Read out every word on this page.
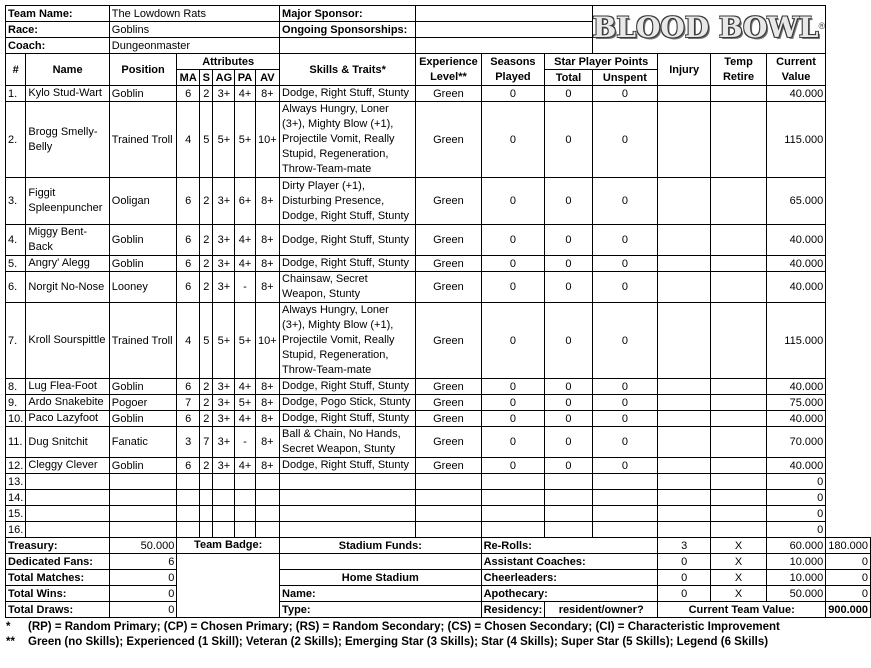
Team Name:		The Lowdown Rats						Major Sponsor:				BLOOD BOWL®
Race:		Goblins						Ongoing Sponsorships:								
Coach:		Dungeonmaster														
#	Name	Position	Attributes					Skills & Traits*	Experience Level**	Seasons Played	Star Player Points		Injury	Temp Retire	Current Value	
			MA	S	AG	PA	AV				Total	Unspent				
1.	Kylo Stud-Wart	Goblin	6	2	3+	4+	8+	Dodge, Right Stuff, Stunty	Green	0	0	0			40.000	
2.	Brogg Smelly-Belly	Trained Troll	4	5	5+	5+	10+	Always Hungry, Loner (3+), Mighty Blow (+1), Projectile Vomit, Really Stupid, Regeneration, Throw-Team-mate	Green	0	0	0			115.000	
3.	Figgit Spleenpuncher	Ooligan	6	2	3+	6+	8+	Dirty Player (+1), Disturbing Presence, Dodge, Right Stuff, Stunty	Green	0	0	0			65.000	
4.	Miggy Bent-Back	Goblin	6	2	3+	4+	8+	Dodge, Right Stuff, Stunty	Green	0	0	0			40.000	
5.	Angry' Alegg	Goblin	6	2	3+	4+	8+	Dodge, Right Stuff, Stunty	Green	0	0	0			40.000	
6.	Norgit No-Nose	Looney	6	2	3+	-	8+	Chainsaw, Secret Weapon, Stunty	Green	0	0	0			40.000	
7.	Kroll Sourspittle	Trained Troll	4	5	5+	5+	10+	Always Hungry, Loner (3+), Mighty Blow (+1), Projectile Vomit, Really Stupid, Regeneration, Throw-Team-mate	Green	0	0	0			115.000	
8.	Lug Flea-Foot	Goblin	6	2	3+	4+	8+	Dodge, Right Stuff, Stunty	Green	0	0	0			40.000	
9.	Ardo Snakebite	Pogoer	7	2	3+	5+	8+	Dodge, Pogo Stick, Stunty	Green	0	0	0			75.000	
10.	Paco Lazyfoot	Goblin	6	2	3+	4+	8+	Dodge, Right Stuff, Stunty	Green	0	0	0			40.000	
11.	Dug Snitchit	Fanatic	3	7	3+	-	8+	Ball & Chain, No Hands, Secret Weapon, Stunty	Green	0	0	0			70.000	
12.	Cleggy Clever	Goblin	6	2	3+	4+	8+	Dodge, Right Stuff, Stunty	Green	0	0	0			40.000	
13.															0	
14.															0	
15.															0	
16.															0	
Treasury:		50.000	Team Badge:					Stadium Funds:		Re-Rolls:			3	X	60.000	180.000
Dedicated Fans:		6								Assistant Coaches:			0	X	10.000	0
Total Matches:		0						Home Stadium		Cheerleaders:			0	X	10.000	0
Total Wins:		0						Name:		Apothecary:			0	X	50.000	0
Total Draws:		0						Type:		Residency:	resident/owner?		Current Team Value:			900.000
* (RP) = Random Primary; (CP) = Chosen Primary; (RS) = Random Secondary; (CS) = Chosen Secondary; (CI) = Characteristic Improvement
** Green (no Skills); Experienced (1 Skill); Veteran (2 Skills); Emerging Star (3 Skills); Star (4 Skills); Super Star (5 Skills); Legend (6 Skills)
